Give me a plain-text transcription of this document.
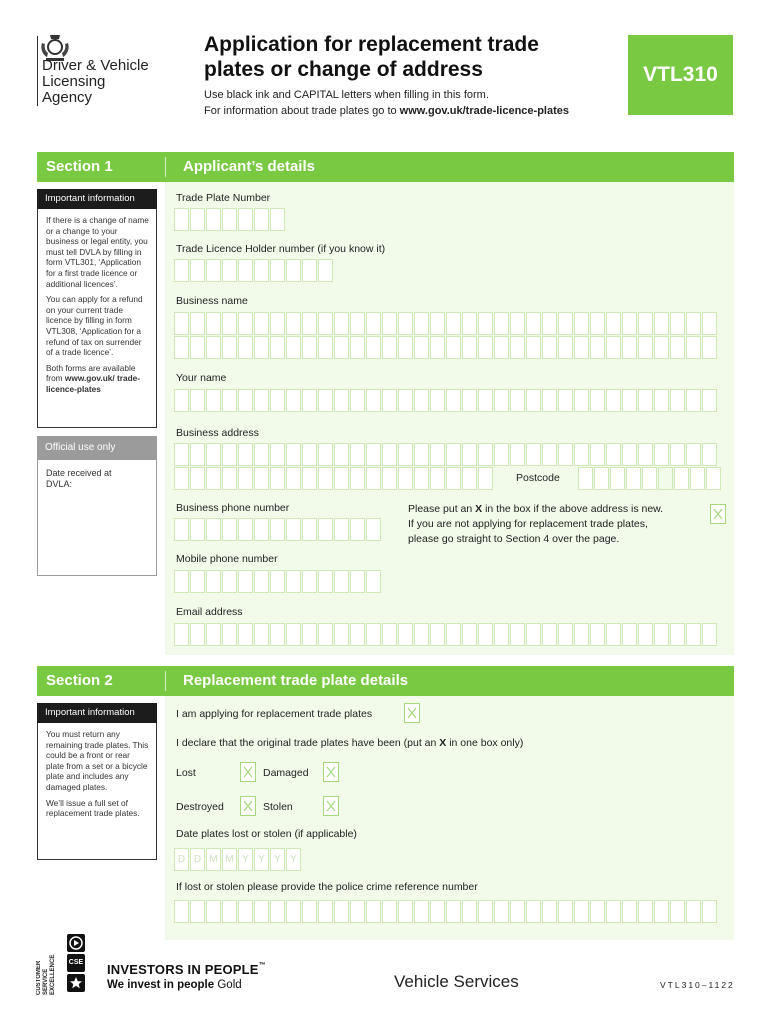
Driver & Vehicle Licensing Agency
Application for replacement trade plates or change of address
Use black ink and CAPITAL letters when filling in this form.
For information about trade plates go to www.gov.uk/trade-licence-plates
VTL310
Section 1	Applicant’s details
Important information

If there is a change of name or a change to your business or legal entity, you must tell DVLA by filling in form VTL301, ‘Application for a first trade licence or additional licences’.

You can apply for a refund on your current trade licence by filling in form VTL308, ‘Application for a refund of tax on surrender of a trade licence’.

Both forms are available from www.gov.uk/ trade-licence-plates

Official use only
Date received at DVLA:
Trade Plate Number
Trade Licence Holder number (if you know it)
Business name
Your name
Business address
Postcode
Business phone number	Please put an X in the box if the above address is new.
If you are not applying for replacement trade plates,
please go straight to Section 4 over the page.
Mobile phone number
Email address
Section 2	Replacement trade plate details
Important information

You must return any remaining trade plates. This could be a front or rear plate from a set or a bicycle plate and includes any damaged plates.

We’ll issue a full set of replacement trade plates.

I am applying for replacement trade plates
I declare that the original trade plates have been (put an X in one box only)
Lost	Damaged
Destroyed	Stolen
Date plates lost or stolen (if applicable)
D D M M Y Y Y Y
If lost or stolen please provide the police crime reference number
CUSTOMER SERVICE EXCELLENCE CSE INVESTORS IN PEOPLE™
We invest in people Gold	Vehicle Services	VTL310–1122
